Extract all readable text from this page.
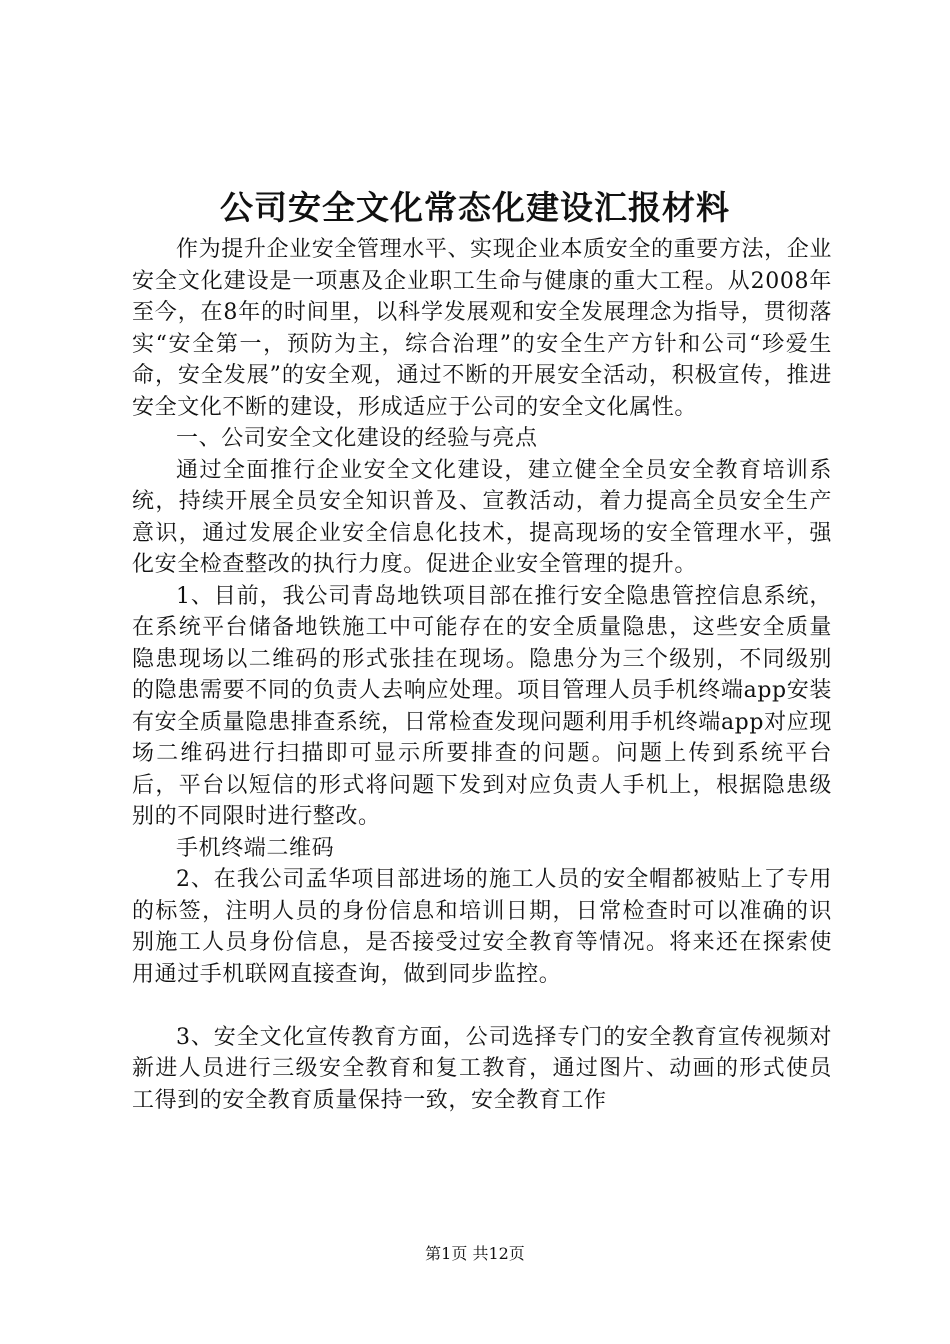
公司安全文化常态化建设汇报材料

作为提升企业安全管理水平、实现企业本质安全的重要方法，企业安全文化建设是一项惠及企业职工生命与健康的重大工程。从2008年至今，在8年的时间里，以科学发展观和安全发展理念为指导，贯彻落实“安全第一，预防为主，综合治理”的安全生产方针和公司“珍爱生命，安全发展”的安全观，通过不断的开展安全活动，积极宣传，推进安全文化不断的建设，形成适应于公司的安全文化属性。

一、公司安全文化建设的经验与亮点

通过全面推行企业安全文化建设，建立健全全员安全教育培训系统，持续开展全员安全知识普及、宣教活动，着力提高全员安全生产意识，通过发展企业安全信息化技术，提高现场的安全管理水平，强化安全检查整改的执行力度。促进企业安全管理的提升。

1、目前，我公司青岛地铁项目部在推行安全隐患管控信息系统，在系统平台储备地铁施工中可能存在的安全质量隐患，这些安全质量隐患现场以二维码的形式张挂在现场。隐患分为三个级别，不同级别的隐患需要不同的负责人去响应处理。项目管理人员手机终端app安装有安全质量隐患排查系统，日常检查发现问题利用手机终端app对应现场二维码进行扫描即可显示所要排查的问题。问题上传到系统平台后，平台以短信的形式将问题下发到对应负责人手机上，根据隐患级别的不同限时进行整改。

手机终端二维码

2、在我公司孟华项目部进场的施工人员的安全帽都被贴上了专用的标签，注明人员的身份信息和培训日期，日常检查时可以准确的识别施工人员身份信息，是否接受过安全教育等情况。将来还在探索使用通过手机联网直接查询，做到同步监控。

3、安全文化宣传教育方面，公司选择专门的安全教育宣传视频对新进人员进行三级安全教育和复工教育，通过图片、动画的形式使员工得到的安全教育质量保持一致，安全教育工作

第1页 共12页
